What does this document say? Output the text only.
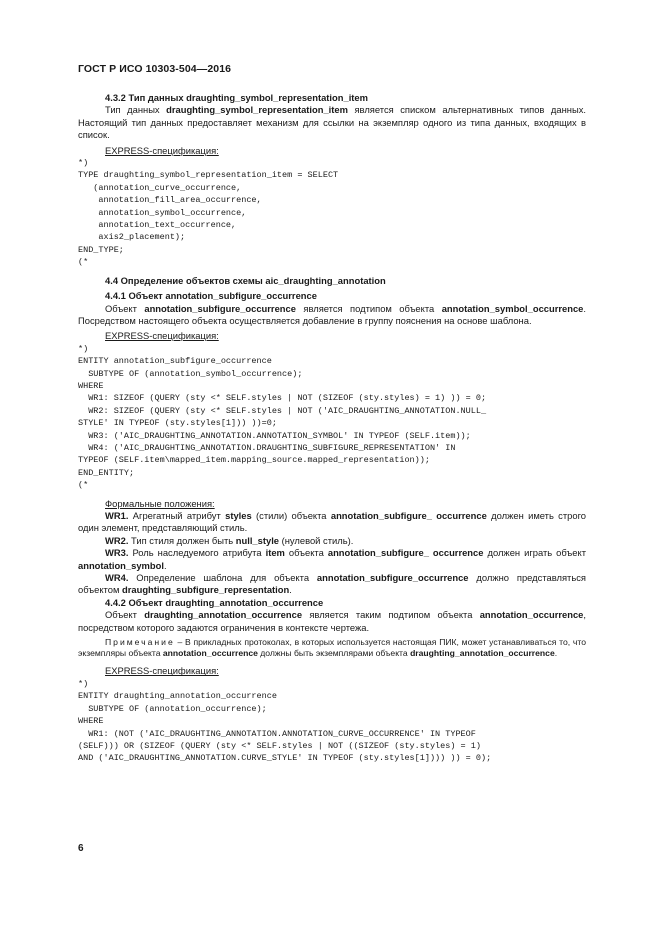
ГОСТ Р ИСО 10303-504—2016

4.3.2 Тип данных draughting_symbol_representation_item

Тип данных draughting_symbol_representation_item является списком альтернативных типов данных. Настоящий тип данных предоставляет механизм для ссылки на экземпляр одного из типа данных, входящих в список.

EXPRESS-спецификация:

*)
TYPE draughting_symbol_representation_item = SELECT
(annotation_curve_occurrence,
annotation_fill_area_occurrence,
annotation_symbol_occurrence,
annotation_text_occurrence,
axis2_placement);
END_TYPE;
(*

4.4 Определение объектов схемы aic_draughting_annotation

4.4.1 Объект annotation_subfigure_occurrence

Объект annotation_subfigure_occurrence является подтипом объекта annotation_symbol_occurrence. Посредством настоящего объекта осуществляется добавление в группу пояснения на основе шаблона.

EXPRESS-спецификация:

*)
ENTITY annotation_subfigure_occurrence
SUBTYPE OF (annotation_symbol_occurrence);
WHERE
WR1: SIZEOF (QUERY (sty <* SELF.styles | NOT (SIZEOF (sty.styles) = 1) )) = 0;
WR2: SIZEOF (QUERY (sty <* SELF.styles | NOT ('AIC_DRAUGHTING_ANNOTATION.NULL_
STYLE' IN TYPEOF (sty.styles[1])) ))=0;
WR3: ('AIC_DRAUGHTING_ANNOTATION.ANNOTATION_SYMBOL' IN TYPEOF (SELF.item));
WR4: ('AIC_DRAUGHTING_ANNOTATION.DRAUGHTING_SUBFIGURE_REPRESENTATION' IN
TYPEOF (SELF.item\mapped_item.mapping_source.mapped_representation));
END_ENTITY;
(*

Формальные положения:

WR1. Агрегатный атрибут styles (стили) объекта annotation_subfigure_ occurrence должен иметь строго один элемент, представляющий стиль.

WR2. Тип стиля должен быть null_style (нулевой стиль).

WR3. Роль наследуемого атрибута item объекта annotation_subfigure_ occurrence должен играть объект annotation_symbol.

WR4. Определение шаблона для объекта annotation_subfigure_occurrence должно представляться объектом draughting_subfigure_representation.

4.4.2 Объект draughting_annotation_occurrence

Объект draughting_annotation_occurrence является таким подтипом объекта annotation_occurrence, посредством которого задаются ограничения в контексте чертежа.

Примечание – В прикладных протоколах, в которых используется настоящая ПИК, может устанавливаться то, что экземпляры объекта annotation_occurrence должны быть экземплярами объекта draughting_annotation_occurrence.

EXPRESS-спецификация:

*)
ENTITY draughting_annotation_occurrence
SUBTYPE OF (annotation_occurrence);
WHERE
WR1: (NOT ('AIC_DRAUGHTING_ANNOTATION.ANNOTATION_CURVE_OCCURRENCE' IN TYPEOF
(SELF))) OR (SIZEOF (QUERY (sty <* SELF.styles | NOT ((SIZEOF (sty.styles) = 1)
AND ('AIC_DRAUGHTING_ANNOTATION.CURVE_STYLE' IN TYPEOF (sty.styles[1]))) )) = 0);
6
